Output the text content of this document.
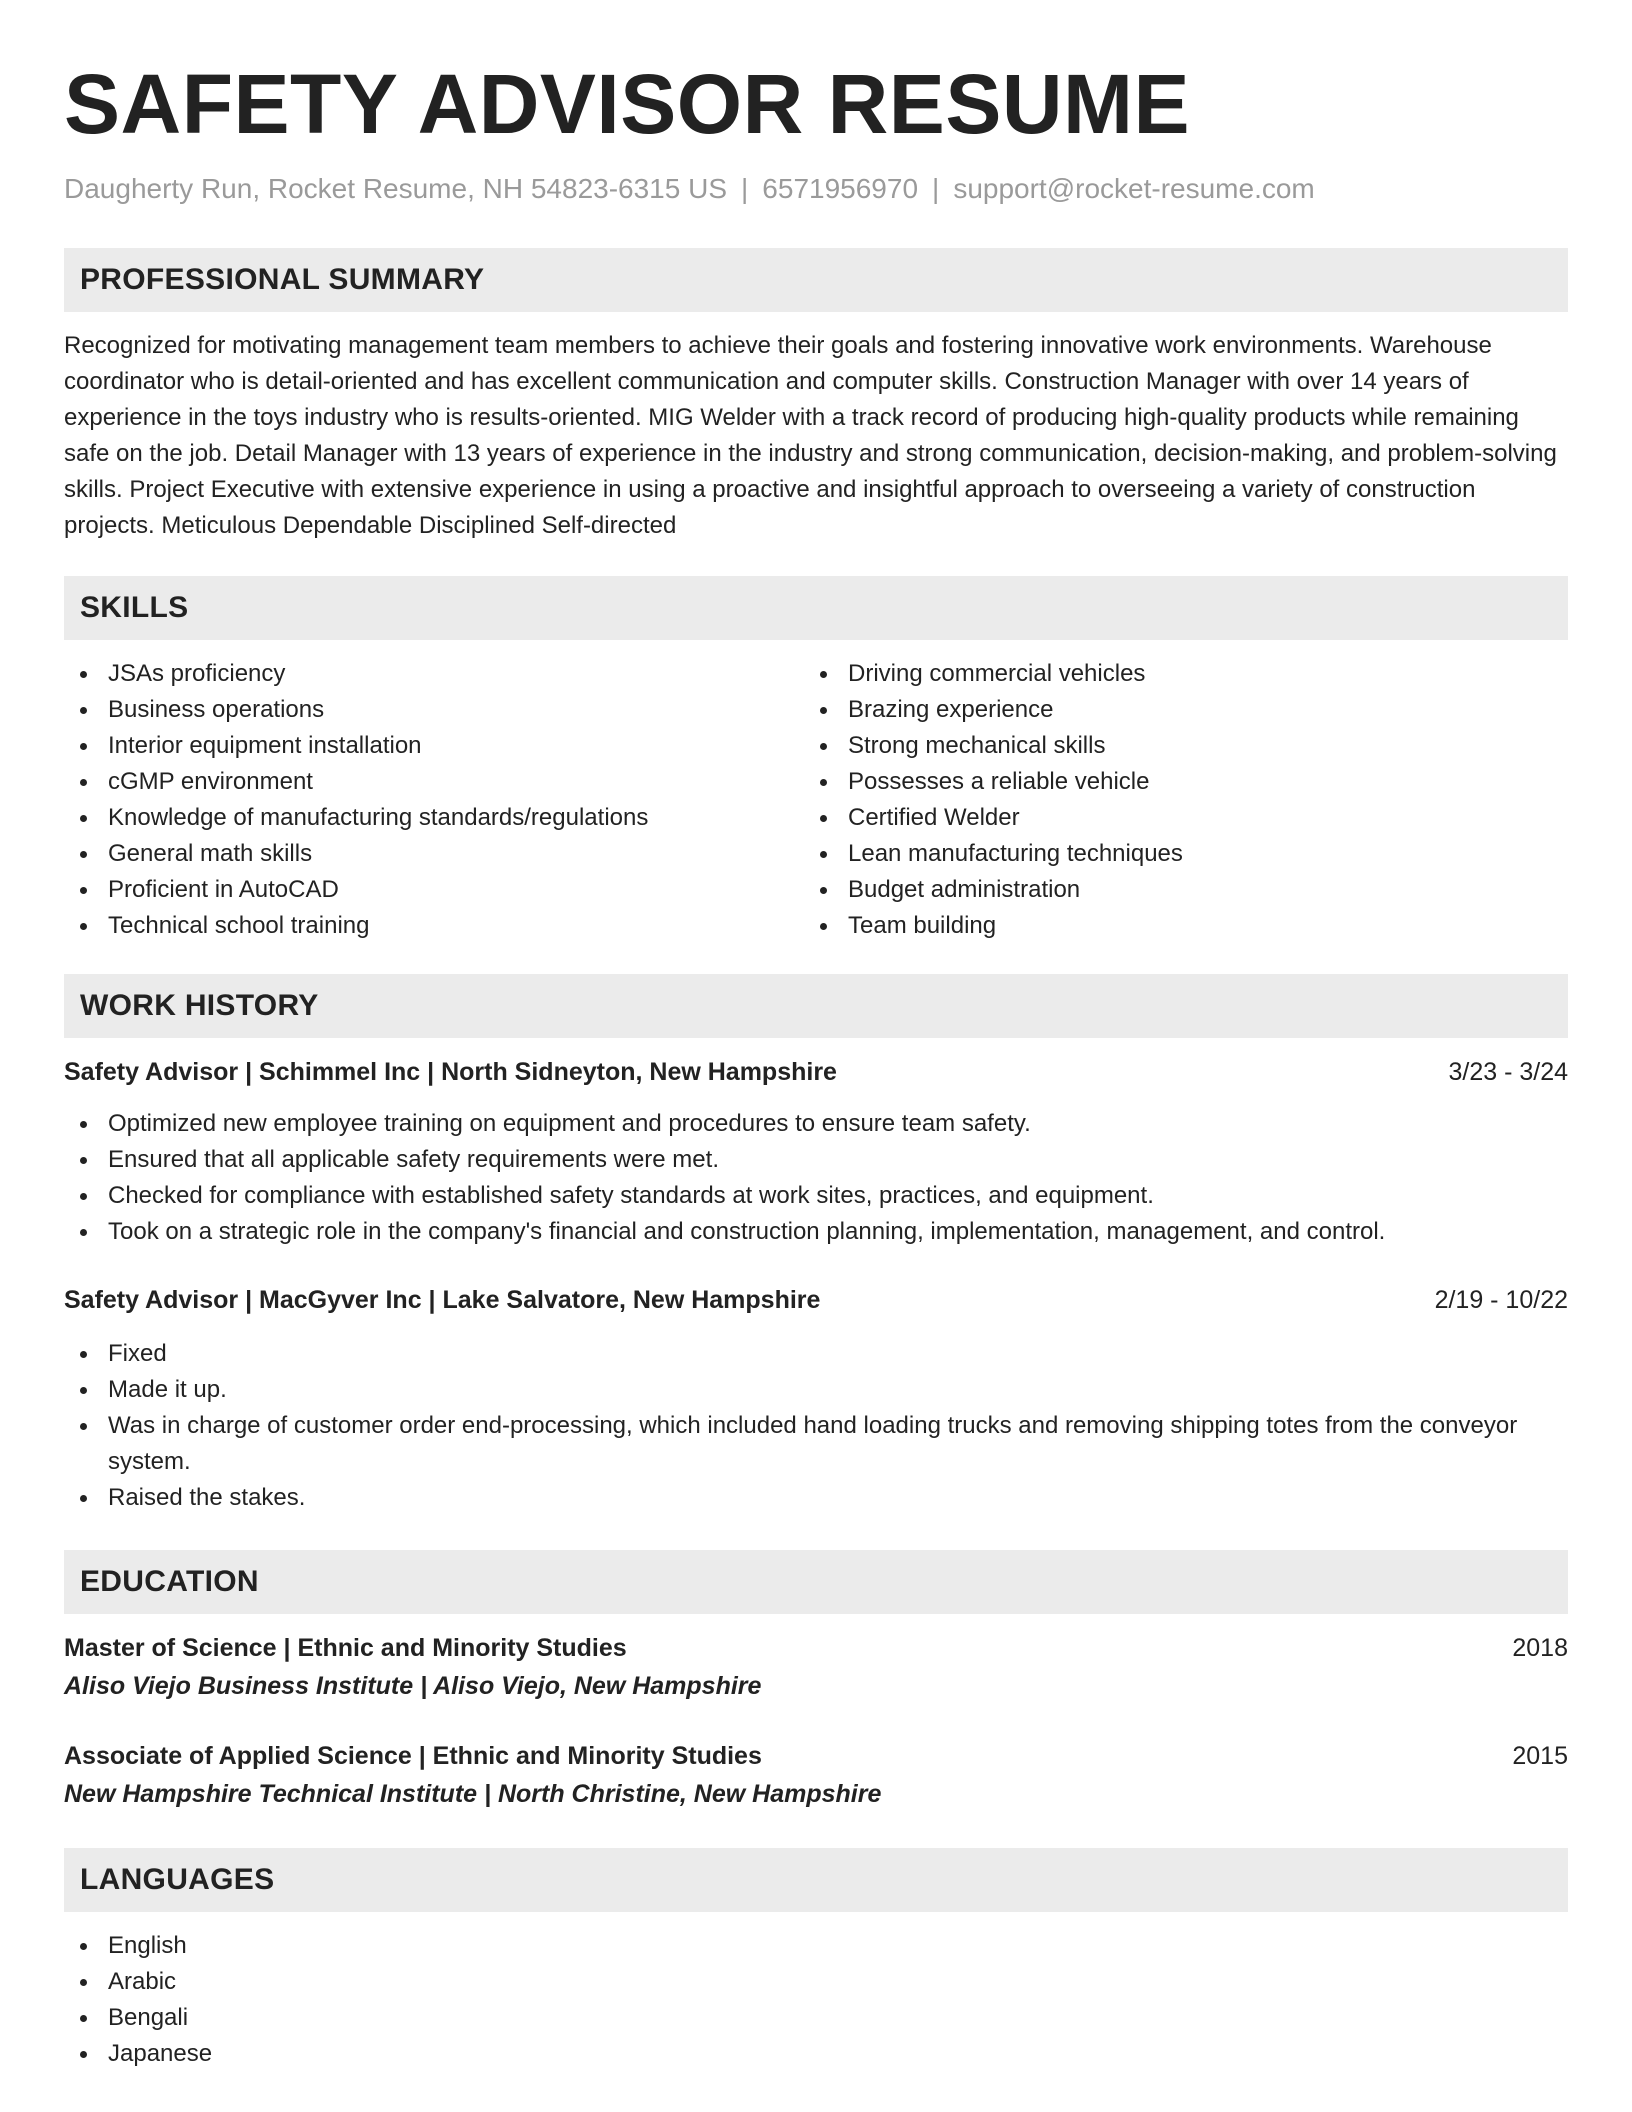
SAFETY ADVISOR RESUME
Daugherty Run, Rocket Resume, NH 54823-6315 US | 6571956970 | support@rocket-resume.com
PROFESSIONAL SUMMARY

Recognized for motivating management team members to achieve their goals and fostering innovative work environments. Warehouse coordinator who is detail-oriented and has excellent communication and computer skills. Construction Manager with over 14 years of experience in the toys industry who is results-oriented. MIG Welder with a track record of producing high-quality products while remaining safe on the job. Detail Manager with 13 years of experience in the industry and strong communication, decision-making, and problem-solving skills. Project Executive with extensive experience in using a proactive and insightful approach to overseeing a variety of construction projects. Meticulous Dependable Disciplined Self-directed

SKILLS
JSAs proficiency
Business operations
Interior equipment installation
cGMP environment
Knowledge of manufacturing standards/regulations
General math skills
Proficient in AutoCAD
Technical school training
Driving commercial vehicles
Brazing experience
Strong mechanical skills
Possesses a reliable vehicle
Certified Welder
Lean manufacturing techniques
Budget administration
Team building
WORK HISTORY
Safety Advisor | Schimmel Inc | North Sidneyton, New Hampshire	3/23 - 3/24
Optimized new employee training on equipment and procedures to ensure team safety.
Ensured that all applicable safety requirements were met.
Checked for compliance with established safety standards at work sites, practices, and equipment.
Took on a strategic role in the company's financial and construction planning, implementation, management, and control.
Safety Advisor | MacGyver Inc | Lake Salvatore, New Hampshire	2/19 - 10/22
Fixed
Made it up.
Was in charge of customer order end-processing, which included hand loading trucks and removing shipping totes from the conveyor system.
Raised the stakes.
EDUCATION
Master of Science | Ethnic and Minority Studies	2018
Aliso Viejo Business Institute | Aliso Viejo, New Hampshire
Associate of Applied Science | Ethnic and Minority Studies	2015
New Hampshire Technical Institute | North Christine, New Hampshire
LANGUAGES
English
Arabic
Bengali
Japanese
